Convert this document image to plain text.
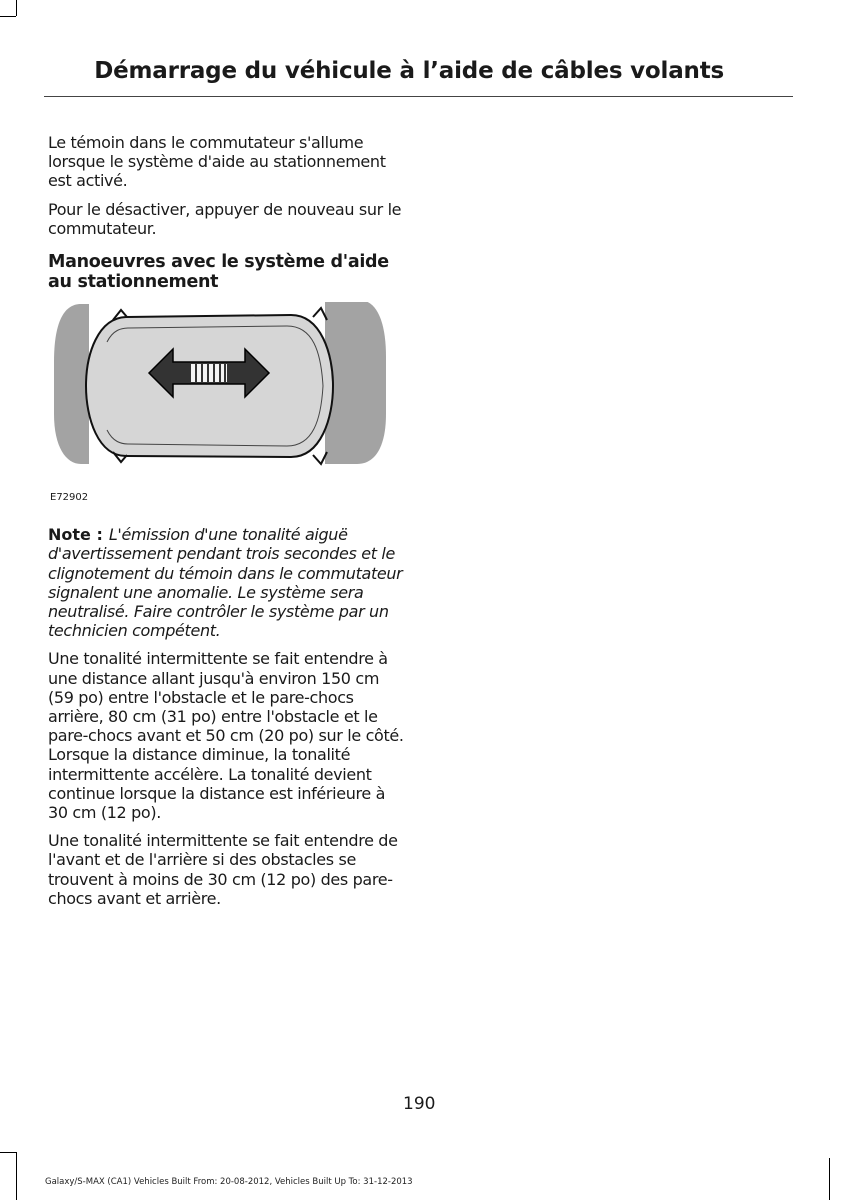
Démarrage du véhicule à l’aide de câbles volants

Le témoin dans le commutateur s'allume lorsque le système d'aide au stationnement est activé.

Pour le désactiver, appuyer de nouveau sur le commutateur.

Manoeuvres avec le système d'aide au stationnement
E72902

Note : L'émission d'une tonalité aiguë d'avertissement pendant trois secondes et le clignotement du témoin dans le commutateur signalent une anomalie. Le système sera neutralisé. Faire contrôler le système par un technicien compétent.

Une tonalité intermittente se fait entendre à une distance allant jusqu'à environ 150 cm (59 po) entre l'obstacle et le pare-chocs arrière, 80 cm (31 po) entre l'obstacle et le pare-chocs avant et 50 cm (20 po) sur le côté. Lorsque la distance diminue, la tonalité intermittente accélère. La tonalité devient continue lorsque la distance est inférieure à 30 cm (12 po).

Une tonalité intermittente se fait entendre de l'avant et de l'arrière si des obstacles se trouvent à moins de 30 cm (12 po) des pare-chocs avant et arrière.

190
Galaxy/S-MAX (CA1) Vehicles Built From: 20-08-2012, Vehicles Built Up To: 31-12-2013
